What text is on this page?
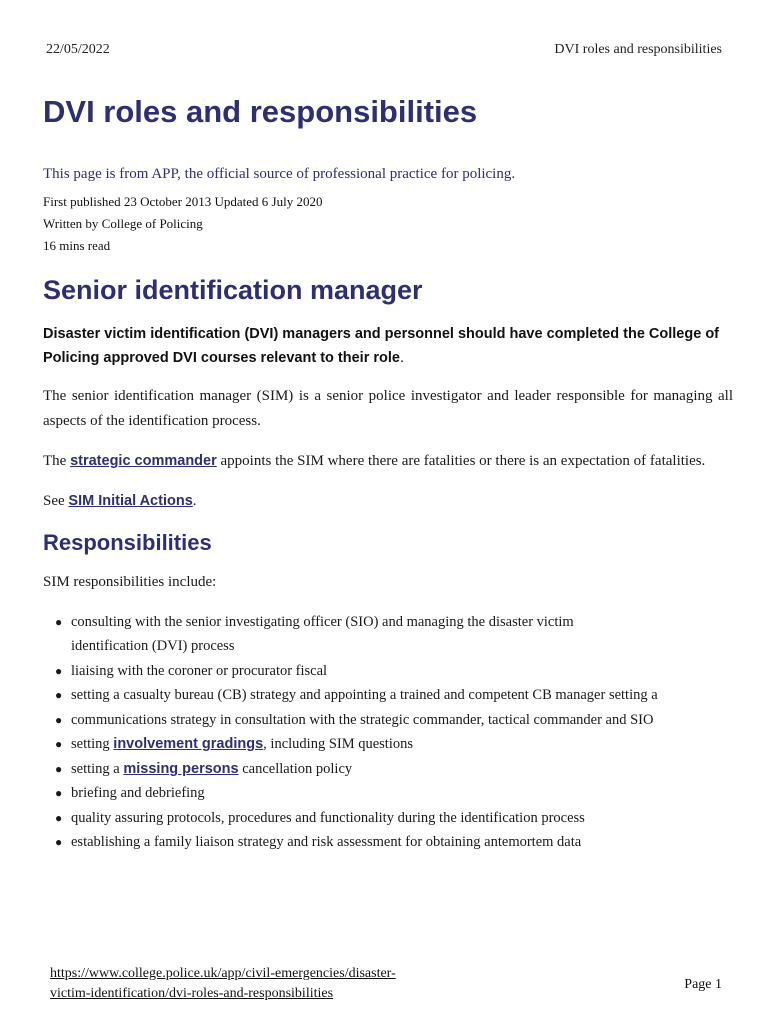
22/05/2022	DVI roles and responsibilities
DVI roles and responsibilities
This page is from APP, the official source of professional practice for policing.
First published 23 October 2013 Updated 6 July 2020
Written by College of Policing
16 mins read
Senior identification manager
Disaster victim identification (DVI) managers and personnel should have completed the College of Policing approved DVI courses relevant to their role.

The senior identification manager (SIM) is a senior police investigator and leader responsible for managing all aspects of the identification process.

The strategic commander appoints the SIM where there are fatalities or there is an expectation of fatalities.

See SIM Initial Actions.

Responsibilities

SIM responsibilities include:

● consulting with the senior investigating officer (SIO) and managing the disaster victim
identification (DVI) process
● liaising with the coroner or procurator fiscal
● setting a casualty bureau (CB) strategy and appointing a trained and competent CB manager setting a
● communications strategy in consultation with the strategic commander, tactical commander and SIO
● setting involvement gradings, including SIM questions
● setting a missing persons cancellation policy
● briefing and debriefing
● quality assuring protocols, procedures and functionality during the identification process
● establishing a family liaison strategy and risk assessment for obtaining antemortem data
https://www.college.police.uk/app/civil-emergencies/disaster-victim-identification/dvi-roles-and-responsibilities
Page 1
